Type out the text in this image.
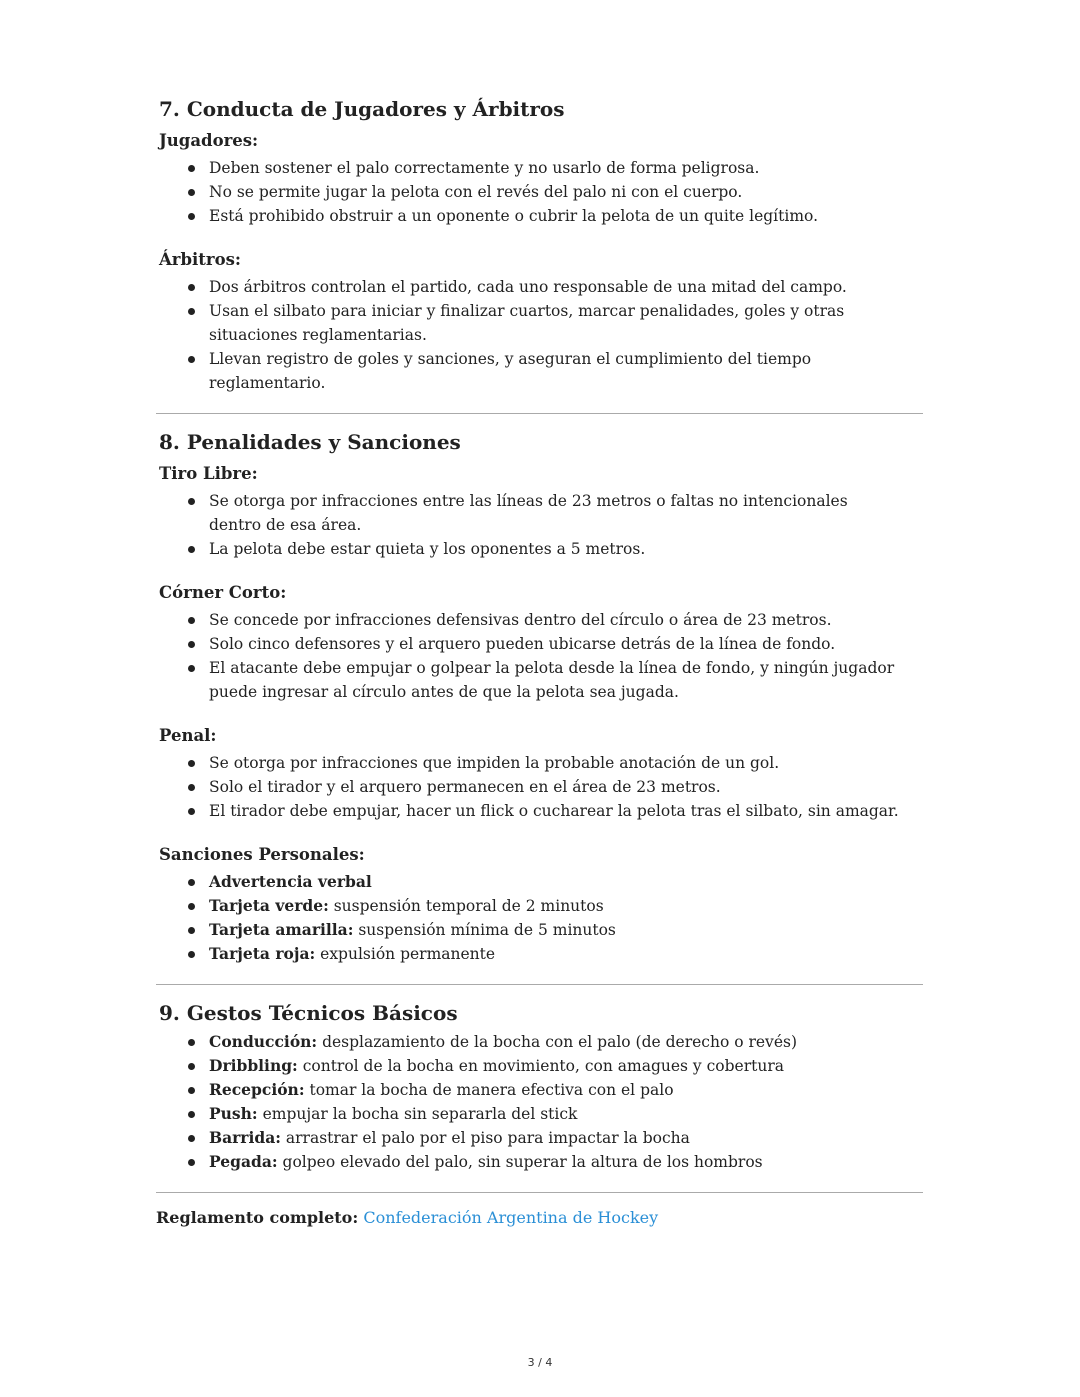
7. Conducta de Jugadores y Árbitros
Jugadores:
Deben sostener el palo correctamente y no usarlo de forma peligrosa.
No se permite jugar la pelota con el revés del palo ni con el cuerpo.
Está prohibido obstruir a un oponente o cubrir la pelota de un quite legítimo.
Árbitros:
Dos árbitros controlan el partido, cada uno responsable de una mitad del campo.
Usan el silbato para iniciar y finalizar cuartos, marcar penalidades, goles y otras situaciones reglamentarias.
Llevan registro de goles y sanciones, y aseguran el cumplimiento del tiempo reglamentario.
8. Penalidades y Sanciones
Tiro Libre:
Se otorga por infracciones entre las líneas de 23 metros o faltas no intencionales dentro de esa área.
La pelota debe estar quieta y los oponentes a 5 metros.
Córner Corto:
Se concede por infracciones defensivas dentro del círculo o área de 23 metros.
Solo cinco defensores y el arquero pueden ubicarse detrás de la línea de fondo.
El atacante debe empujar o golpear la pelota desde la línea de fondo, y ningún jugador puede ingresar al círculo antes de que la pelota sea jugada.
Penal:
Se otorga por infracciones que impiden la probable anotación de un gol.
Solo el tirador y el arquero permanecen en el área de 23 metros.
El tirador debe empujar, hacer un flick o cucharear la pelota tras el silbato, sin amagar.
Sanciones Personales:
Advertencia verbal
Tarjeta verde: suspensión temporal de 2 minutos
Tarjeta amarilla: suspensión mínima de 5 minutos
Tarjeta roja: expulsión permanente
9. Gestos Técnicos Básicos
Conducción: desplazamiento de la bocha con el palo (de derecho o revés)
Dribbling: control de la bocha en movimiento, con amagues y cobertura
Recepción: tomar la bocha de manera efectiva con el palo
Push: empujar la bocha sin separarla del stick
Barrida: arrastrar el palo por el piso para impactar la bocha
Pegada: golpeo elevado del palo, sin superar la altura de los hombros
Reglamento completo: Confederación Argentina de Hockey
3 / 4
